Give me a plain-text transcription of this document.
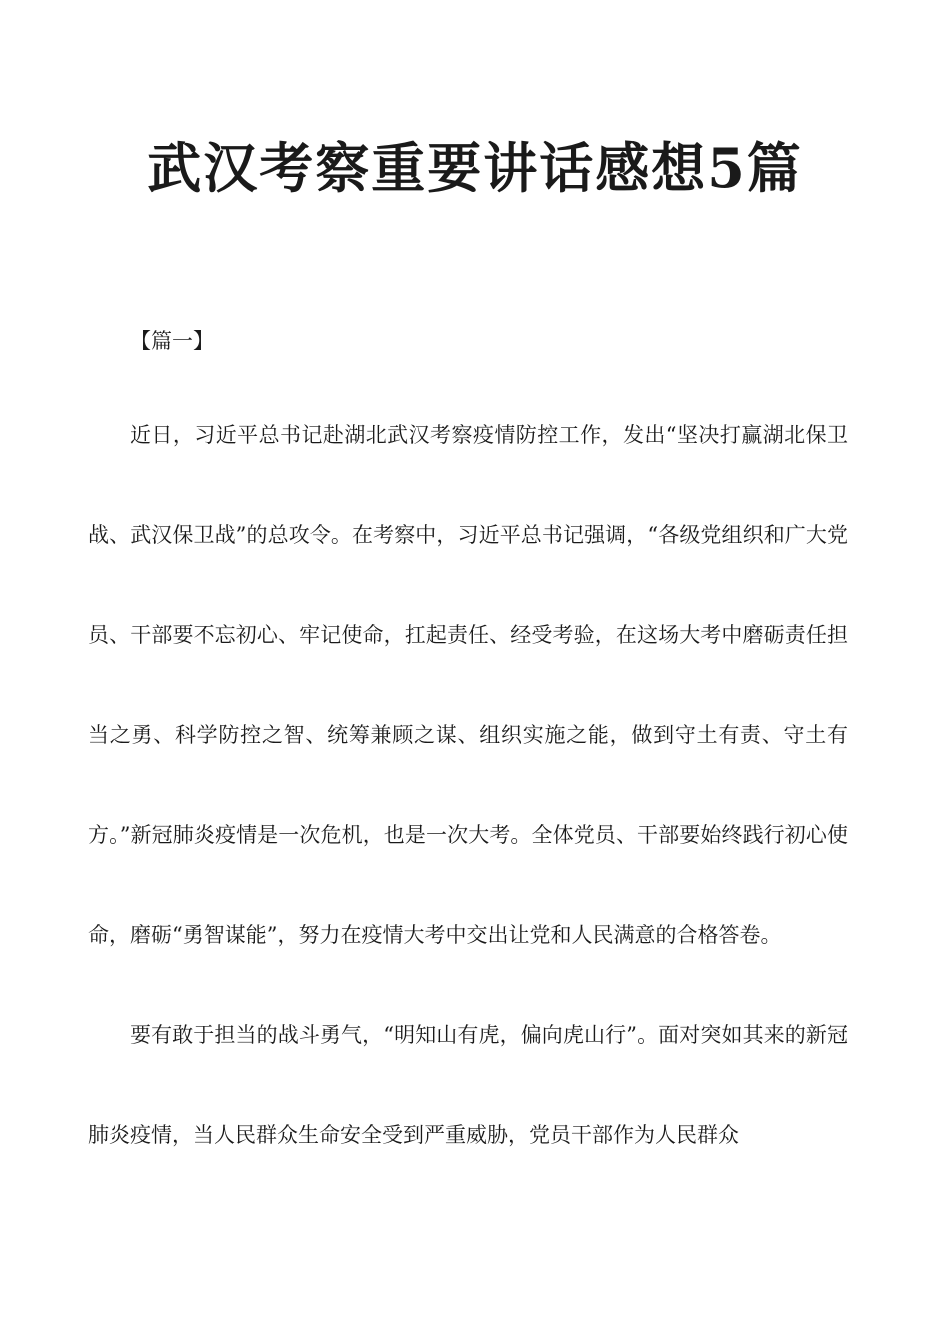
武汉考察重要讲话感想5篇
【篇一】

近日，习近平总书记赴湖北武汉考察疫情防控工作，发出“坚决打赢湖北保卫战、武汉保卫战”的总攻令。在考察中，习近平总书记强调，“各级党组织和广大党员、干部要不忘初心、牢记使命，扛起责任、经受考验，在这场大考中磨砺责任担当之勇、科学防控之智、统筹兼顾之谋、组织实施之能，做到守土有责、守土有方。”新冠肺炎疫情是一次危机，也是一次大考。全体党员、干部要始终践行初心使命，磨砺“勇智谋能”，努力在疫情大考中交出让党和人民满意的合格答卷。

要有敢于担当的战斗勇气，“明知山有虎，偏向虎山行”。面对突如其来的新冠肺炎疫情，当人民群众生命安全受到严重威胁，党员干部作为人民群众
